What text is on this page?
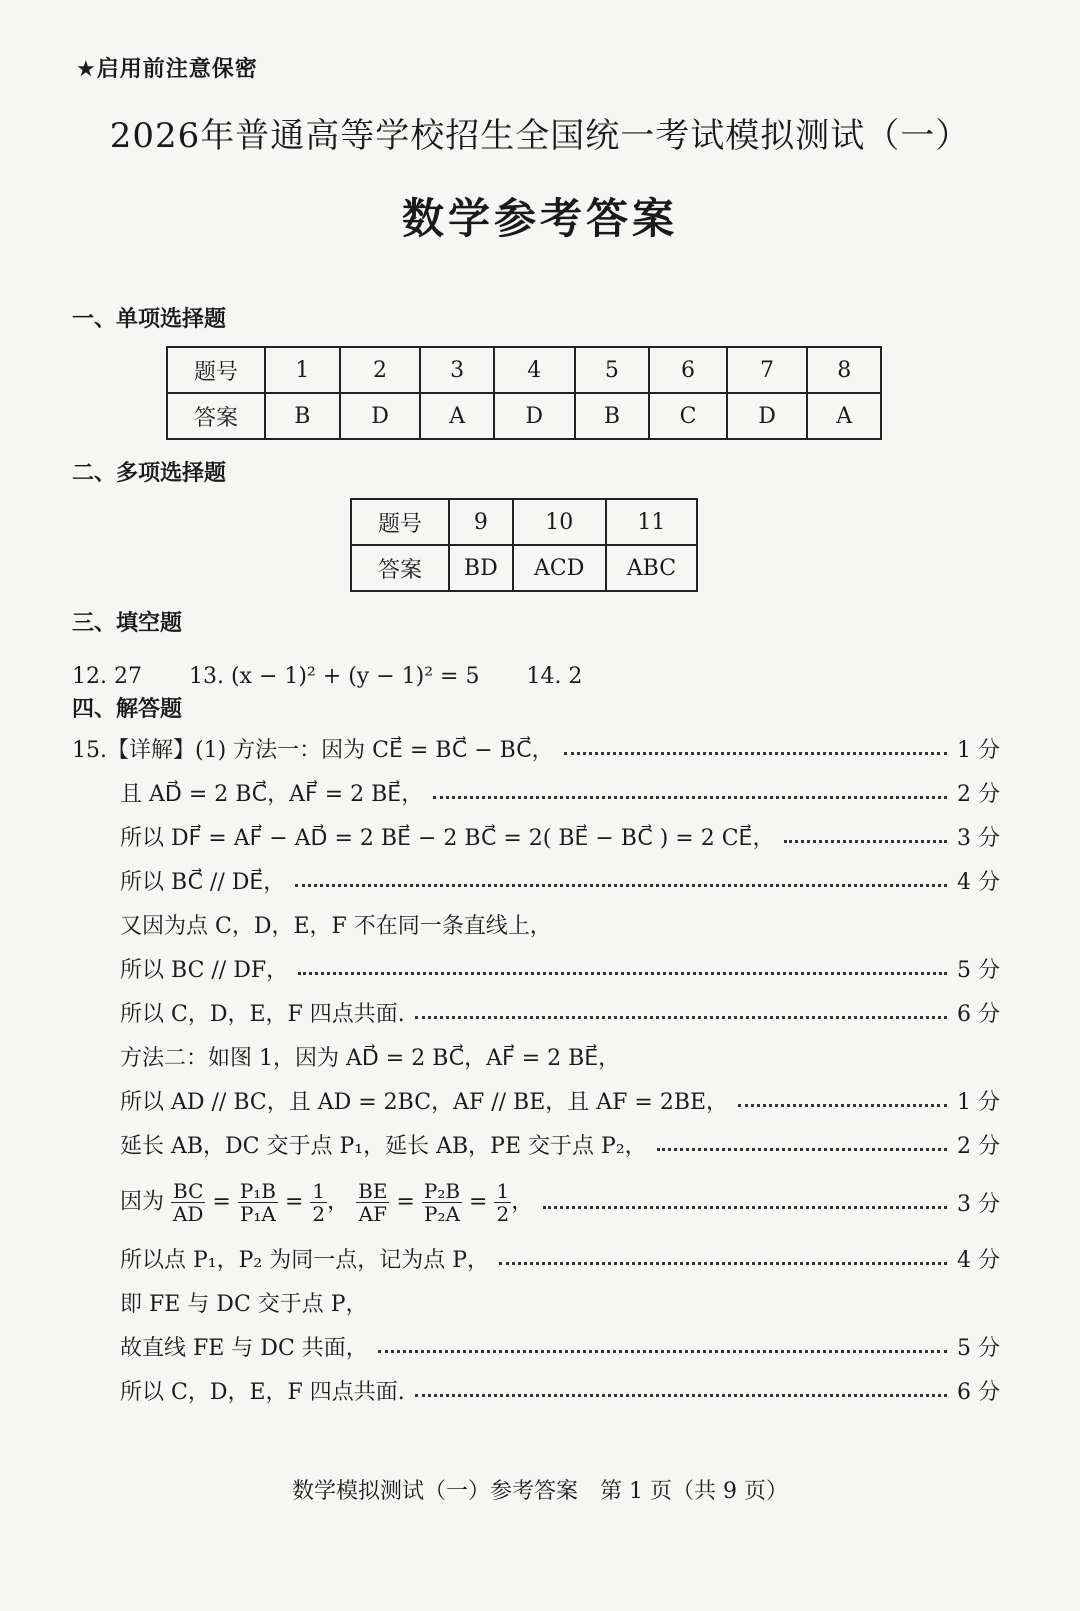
★启用前注意保密
2026年普通高等学校招生全国统一考试模拟测试（一）
数学参考答案
一、单项选择题
题号	1	2	3	4	5	6	7	8
答案	B	D	A	D	B	C	D	A
二、多项选择题
题号	9	10	11
答案	BD	ACD	ABC
三、填空题
12. 27 13. (x − 1)² + (y − 1)² = 5 14. 2
四、解答题
15.【详解】(1) 方法一：因为 CE⃗ = BC⃗ − BC⃗，	1 分
且 AD⃗ = 2 BC⃗，AF⃗ = 2 BE⃗，	2 分
所以 DF⃗ = AF⃗ − AD⃗ = 2 BE⃗ − 2 BC⃗ = 2( BE⃗ − BC⃗ ) = 2 CE⃗，	3 分
所以 BC⃗ // DE⃗，	4 分
又因为点 C，D，E，F 不在同一条直线上，
所以 BC // DF，	5 分
所以 C，D，E，F 四点共面.	6 分
方法二：如图 1，因为 AD⃗ = 2 BC⃗，AF⃗ = 2 BE⃗，
所以 AD // BC，且 AD = 2BC，AF // BE，且 AF = 2BE，	1 分
延长 AB，DC 交于点 P₁，延长 AB，PE 交于点 P₂，	2 分
因为 $\frac{BC}{AD} = \frac{\text{P₁B}}{\text{P₁A}} = \frac{1}{2}$ ， $\frac{BE}{AF} = \frac{\text{P₂B}}{\text{P₂A}} = \frac{1}{2}$ ，	3 分
所以点 P₁，P₂ 为同一点，记为点 P，	4 分
即 FE 与 DC 交于点 P，
故直线 FE 与 DC 共面，	5 分
所以 C，D，E，F 四点共面.	6 分
数学模拟测试（一）参考答案　第 1 页（共 9 页）
